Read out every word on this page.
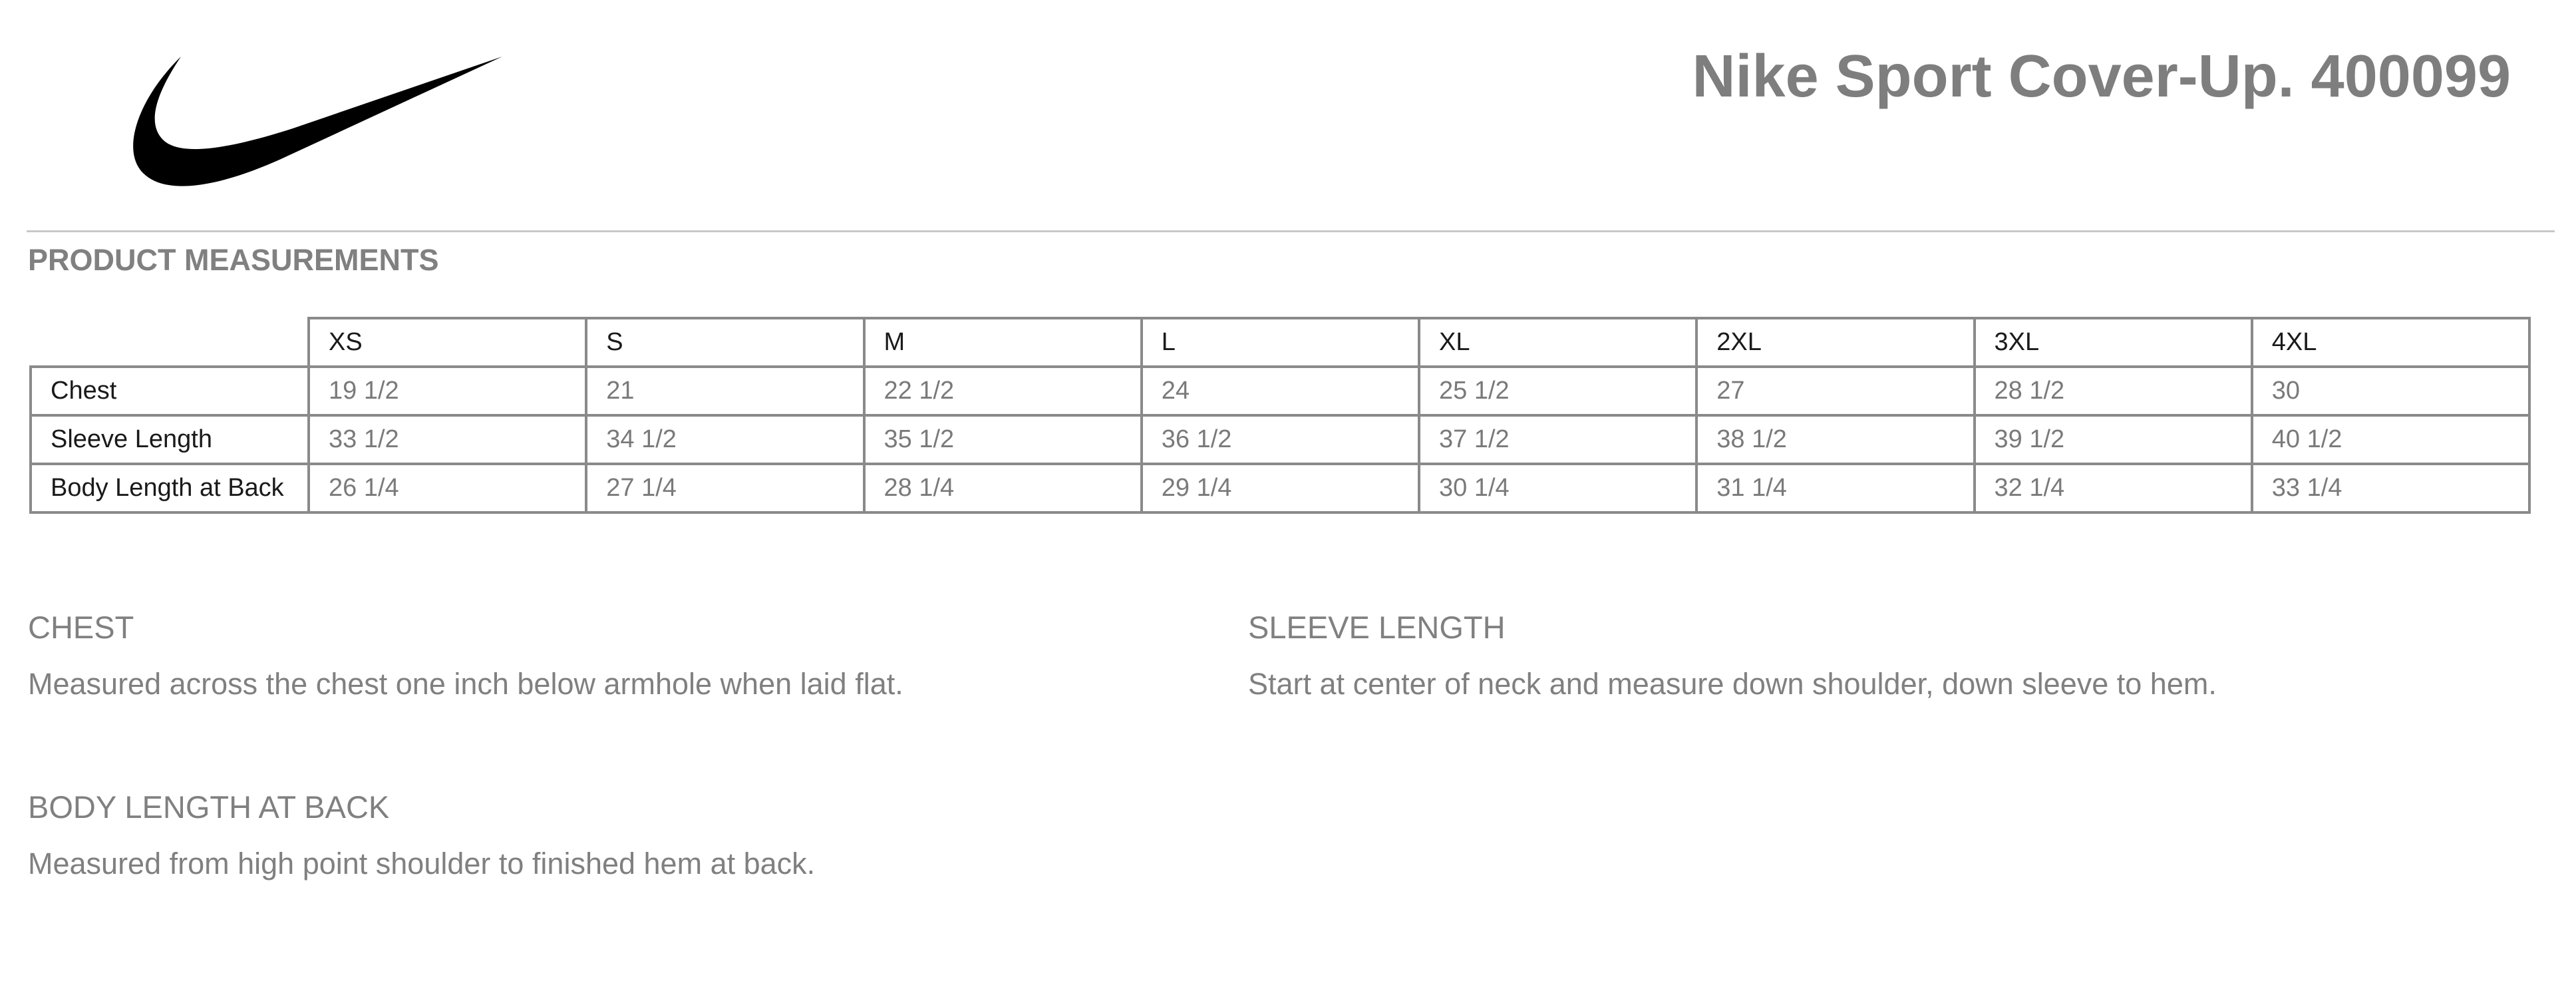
Nike Sport Cover-Up. 400099
PRODUCT MEASUREMENTS
	XS	S	M	L	XL	2XL	3XL	4XL
Chest	19 1/2	21	22 1/2	24	25 1/2	27	28 1/2	30
Sleeve Length	33 1/2	34 1/2	35 1/2	36 1/2	37 1/2	38 1/2	39 1/2	40 1/2
Body Length at Back	26 1/4	27 1/4	28 1/4	29 1/4	30 1/4	31 1/4	32 1/4	33 1/4
CHEST

Measured across the chest one inch below armhole when laid flat.

SLEEVE LENGTH

Start at center of neck and measure down shoulder, down sleeve to hem.

BODY LENGTH AT BACK

Measured from high point shoulder to finished hem at back.
